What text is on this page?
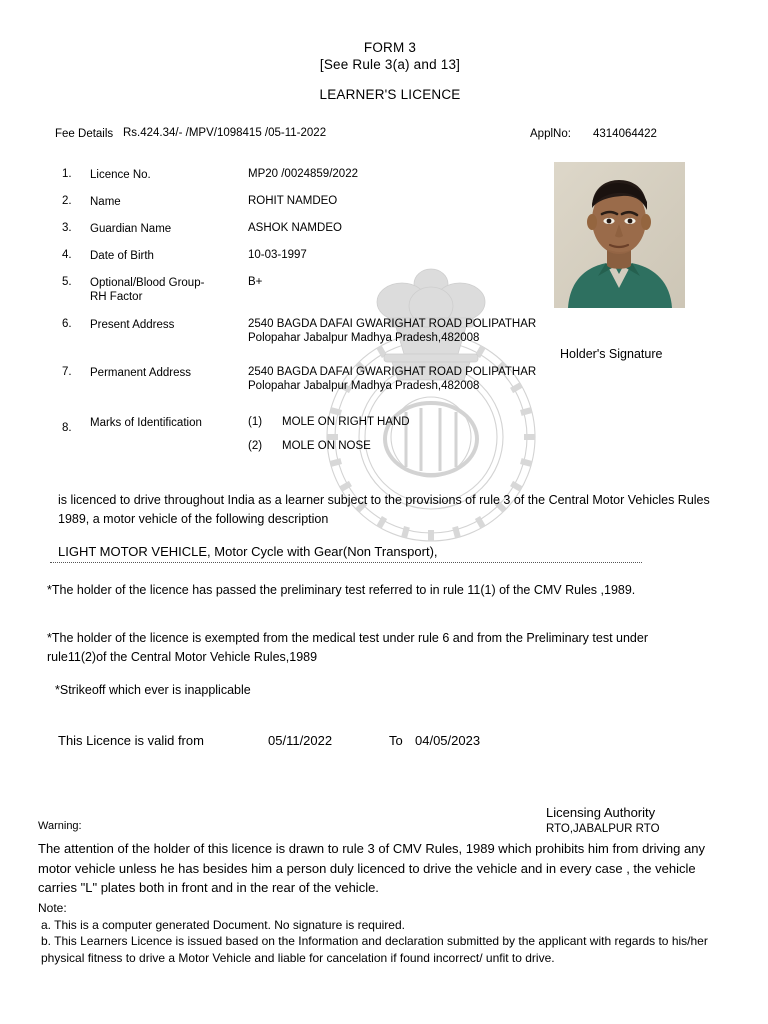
FORM 3
[See Rule 3(a) and 13]
LEARNER'S LICENCE
Fee Details Rs.424.34/- /MPV/1098415 /05-11-2022	ApplNo: 4314064422
1.	Licence No.	MP20 /0024859/2022
2.	Name	ROHIT NAMDEO
3.	Guardian Name	ASHOK NAMDEO
4.	Date of Birth	10-03-1997
5.	Optional/Blood Group-RH Factor
B+
6.	Present Address	2540 BAGDA DAFAI GWARIGHAT ROAD POLIPATHAR Polopahar Jabalpur Madhya Pradesh,482008
7.	Permanent Address	2540 BAGDA DAFAI GWARIGHAT ROAD POLIPATHAR Polopahar Jabalpur Madhya Pradesh,482008
8.	Marks of Identification	(1)	MOLE ON RIGHT HAND
(2)	MOLE ON NOSE
Holder's Signature
is licenced to drive throughout India as a learner subject to the provisions of rule 3 of the Central Motor Vehicles Rules 1989, a motor vehicle of the following description
LIGHT MOTOR VEHICLE, Motor Cycle with Gear(Non Transport),
*The holder of the licence has passed the preliminary test referred to in rule 11(1) of the CMV Rules ,1989.
*The holder of the licence is exempted from the medical test under rule 6 and from the Preliminary test under rule11(2)of the Central Motor Vehicle Rules,1989
*Strikeoff which ever is inapplicable
This Licence is valid from	05/11/2022	To 04/05/2023
Licensing Authority
RTO,JABALPUR RTO
Warning:
The attention of the holder of this licence is drawn to rule 3 of CMV Rules, 1989 which prohibits him from driving any motor vehicle unless he has besides him a person duly licenced to drive the vehicle and in every case , the vehicle carries "L" plates both in front and in the rear of the vehicle.
Note:
a. This is a computer generated Document. No signature is required.
b. This Learners Licence is issued based on the Information and declaration submitted by the applicant with regards to his/her physical fitness to drive a Motor Vehicle and liable for cancelation if found incorrect/ unfit to drive.
